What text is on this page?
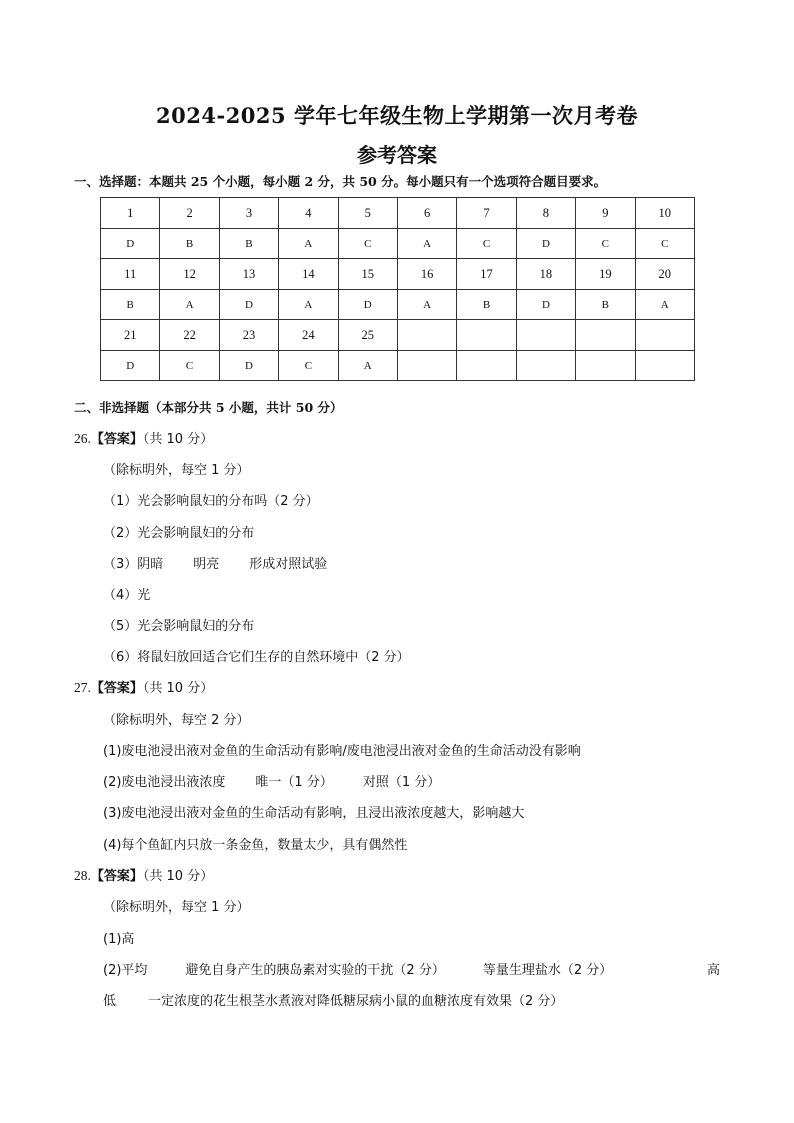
2024-2025 学年七年级生物上学期第一次月考卷
参考答案
一、选择题：本题共 25 个小题，每小题 2 分，共 50 分。每小题只有一个选项符合题目要求。
1	2	3	4	5	6	7	8	9	10
D	B	B	A	C	A	C	D	C	C
11	12	13	14	15	16	17	18	19	20
B	A	D	A	D	A	B	D	B	A
21	22	23	24	25					
D	C	D	C	A					
二、非选择题（本部分共 5 小题，共计 50 分）
26.【答案】（共 10 分）
（除标明外，每空 1 分）
（1）光会影响鼠妇的分布吗（2 分）
（2）光会影响鼠妇的分布
（3）阴暗 明亮 形成对照试验
（4）光
（5）光会影响鼠妇的分布
（6）将鼠妇放回适合它们生存的自然环境中（2 分）
27.【答案】（共 10 分）
（除标明外，每空 2 分）
(1)废电池浸出液对金鱼的生命活动有影响/废电池浸出液对金鱼的生命活动没有影响
(2)废电池浸出液浓度 唯一（1 分） 对照（1 分）
(3)废电池浸出液对金鱼的生命活动有影响，且浸出液浓度越大，影响越大
(4)每个鱼缸内只放一条金鱼，数量太少，具有偶然性
28.【答案】（共 10 分）
（除标明外，每空 1 分）
(1)高
(2)平均	避免自身产生的胰岛素对实验的干扰（2 分）	等量生理盐水（2 分）	高
低 一定浓度的花生根茎水煮液对降低糖尿病小鼠的血糖浓度有效果（2 分）
